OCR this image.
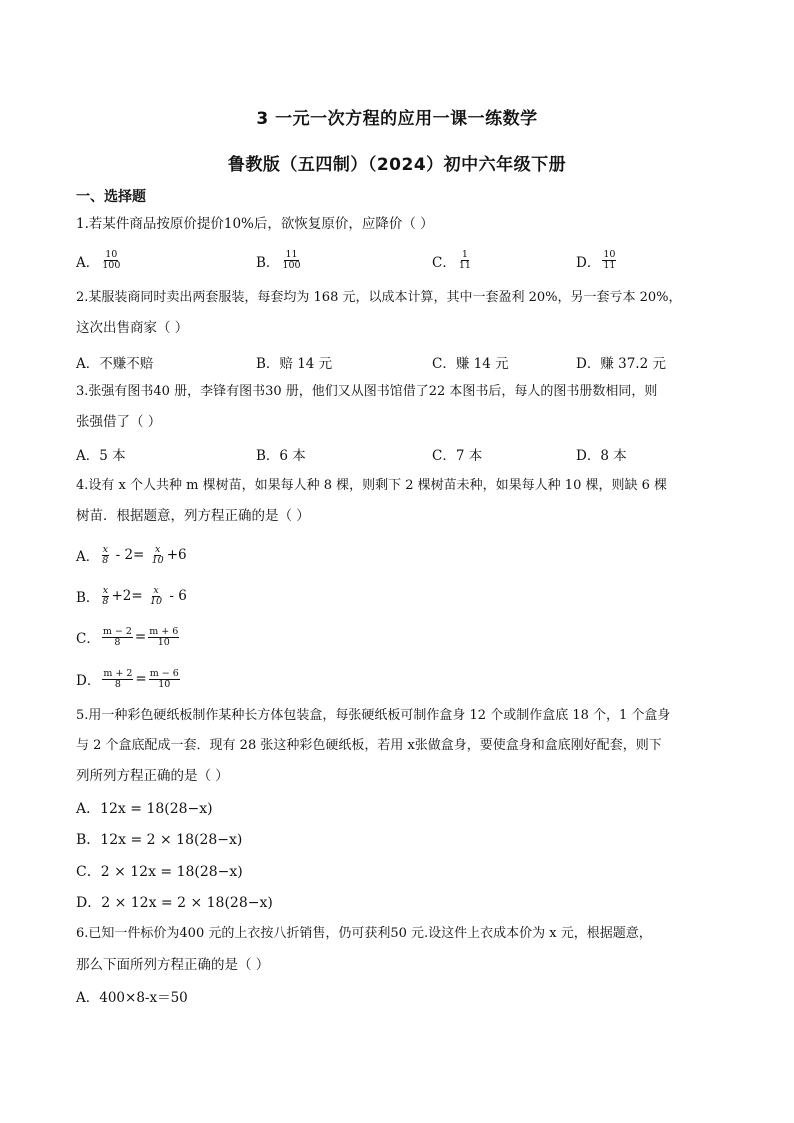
3 一元一次方程的应用一课一练数学
鲁教版（五四制）（2024）初中六年级下册
一、选择题
1.若某件商品按原价提价10%后，欲恢复原价，应降价（ ）
A． $\frac{10}{100}$	B． $\frac{11}{100}$	C． $\frac{1}{11}$	D． $\frac{10}{11}$
2.某服装商同时卖出两套服装，每套均为 168 元，以成本计算，其中一套盈利 20%，另一套亏本 20%，
这次出售商家（ ）
A．不赚不赔	B．赔 14 元	C．赚 14 元	D．赚 37.2 元
3.张强有图书40 册，李锋有图书30 册，他们又从图书馆借了22 本图书后，每人的图书册数相同，则
张强借了（ ）
A．5 本	B．6 本	C．7 本	D．8 本
4.设有 x 个人共种 m 棵树苗，如果每人种 8 棵，则剩下 2 棵树苗未种，如果每人种 10 棵，则缺 6 棵
树苗．根据题意，列方程正确的是（ ）
A． $\frac{x}{8} - 2= \frac{x}{10} +6$
B． $\frac{x}{8} +2= \frac{x}{10} - 6$
C． $\frac{m - 2}{8} = \frac{m + 6}{10}$
D． $\frac{m + 2}{8} = \frac{m - 6}{10}$
5.用一种彩色硬纸板制作某种长方体包装盒，每张硬纸板可制作盒身 12 个或制作盒底 18 个，1 个盒身
与 2 个盒底配成一套．现有 28 张这种彩色硬纸板，若用 x张做盒身，要使盒身和盒底刚好配套，则下
列所列方程正确的是（ ）
A．12x = 18(28−x)
B．12x = 2 × 18(28−x)
C．2 × 12x = 18(28−x)
D．2 × 12x = 2 × 18(28−x)
6.已知一件标价为400 元的上衣按八折销售，仍可获利50 元.设这件上衣成本价为 x 元，根据题意，
那么下面所列方程正确的是（ ）
A．400×8-x＝50
